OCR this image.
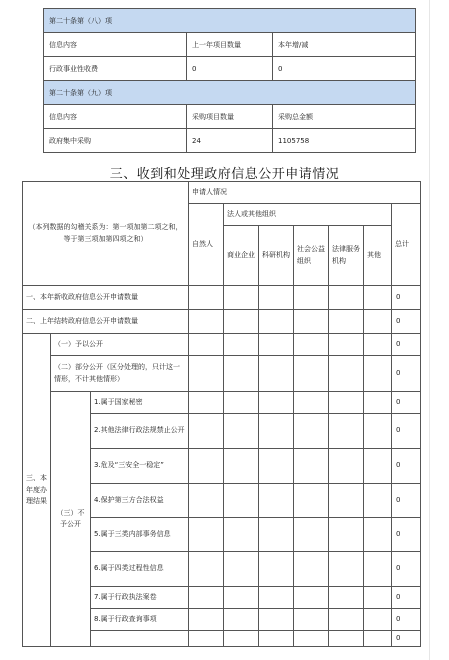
第二十条第（八）项		
信息内容	上一年项目数量	本年增/减
行政事业性收费	0	0
第二十条第（九）项		
信息内容	采购项目数量	采购总金额
政府集中采购	24	1105758
三、收到和处理政府信息公开申请情况
（本列数据的勾稽关系为：第一项加第二项之和，等于第三项加第四项之和）			申请人情况						
			自然人	法人或其他组织					总计
				商业企业	科研机构	社会公益组织	法律服务机构	其他	
一、本年新收政府信息公开申请数量									0
二、上年结转政府信息公开申请数量									0
三、本年度办理结果	（一）予以公开								0
	（二）部分公开（区分处理的，只计这一情形，不计其他情形）								0
	（三）不予公开	1.属于国家秘密							0
		2.其他法律行政法规禁止公开							0
		3.危及“三安全一稳定”							0
		4.保护第三方合法权益							0
		5.属于三类内部事务信息							0
		6.属于四类过程性信息							0
		7.属于行政执法案卷							0
		8.属于行政查询事项							0
									0
